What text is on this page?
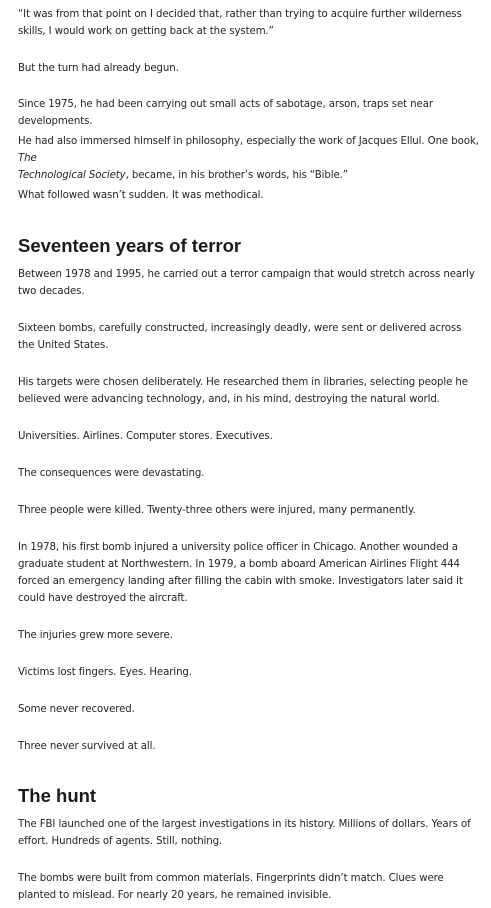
“It was from that point on I decided that, rather than trying to acquire further wilderness skills, I would work on getting back at the system.”

But the turn had already begun.

Since 1975, he had been carrying out small acts of sabotage, arson, traps set near developments.

He had also immersed himself in philosophy, especially the work of Jacques Ellul. One book, The
Technological Society, became, in his brother’s words, his “Bible.”

What followed wasn’t sudden. It was methodical.

Seventeen years of terror

Between 1978 and 1995, he carried out a terror campaign that would stretch across nearly two decades.

Sixteen bombs, carefully constructed, increasingly deadly, were sent or delivered across the United States.

His targets were chosen deliberately. He researched them in libraries, selecting people he believed were advancing technology, and, in his mind, destroying the natural world.

Universities. Airlines. Computer stores. Executives.

The consequences were devastating.

Three people were killed. Twenty-three others were injured, many permanently.

In 1978, his first bomb injured a university police officer in Chicago. Another wounded a graduate student at Northwestern. In 1979, a bomb aboard American Airlines Flight 444 forced an emergency landing after filling the cabin with smoke. Investigators later said it could have destroyed the aircraft.

The injuries grew more severe.

Victims lost fingers. Eyes. Hearing.

Some never recovered.

Three never survived at all.

The hunt

The FBI launched one of the largest investigations in its history. Millions of dollars. Years of effort. Hundreds of agents. Still, nothing.

The bombs were built from common materials. Fingerprints didn’t match. Clues were planted to mislead. For nearly 20 years, he remained invisible.
